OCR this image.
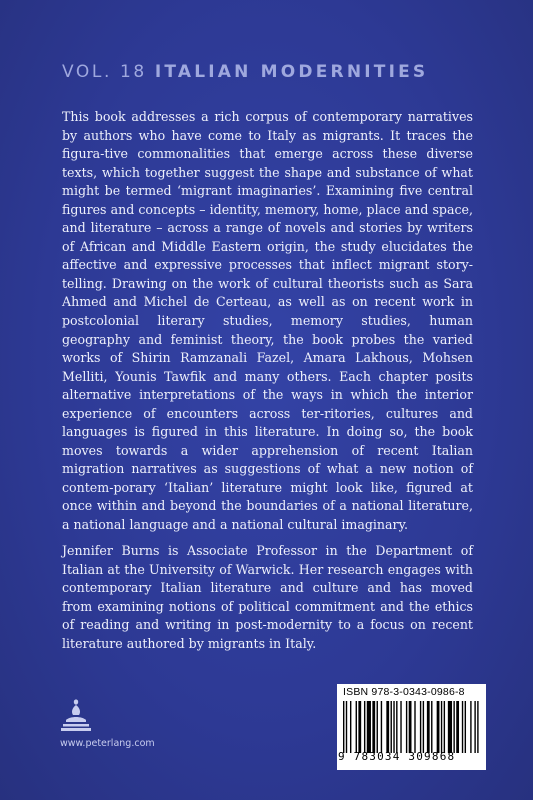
VOL. 18 ITALIAN MODERNITIES
This book addresses a rich corpus of contemporary narratives by authors who have come to Italy as migrants. It traces the figura-tive commonalities that emerge across these diverse texts, which together suggest the shape and substance of what might be termed ‘migrant imaginaries’. Examining five central figures and concepts – identity, memory, home, place and space, and literature – across a range of novels and stories by writers of African and Middle Eastern origin, the study elucidates the affective and expressive processes that inflect migrant story-telling. Drawing on the work of cultural theorists such as Sara Ahmed and Michel de Certeau, as well as on recent work in postcolonial literary studies, memory studies, human geography and feminist theory, the book probes the varied works of Shirin Ramzanali Fazel, Amara Lakhous, Mohsen Melliti, Younis Tawfik and many others. Each chapter posits alternative interpretations of the ways in which the interior experience of encounters across ter-ritories, cultures and languages is figured in this literature. In doing so, the book moves towards a wider apprehension of recent Italian migration narratives as suggestions of what a new notion of contem-porary ‘Italian’ literature might look like, figured at once within and beyond the boundaries of a national literature, a national language and a national cultural imaginary.
Jennifer Burns is Associate Professor in the Department of Italian at the University of Warwick. Her research engages with contemporary Italian literature and culture and has moved from examining notions of political commitment and the ethics of reading and writing in post-modernity to a focus on recent literature authored by migrants in Italy.
www.peterlang.com
ISBN 978-3-0343-0986-8
9 783034 309868
